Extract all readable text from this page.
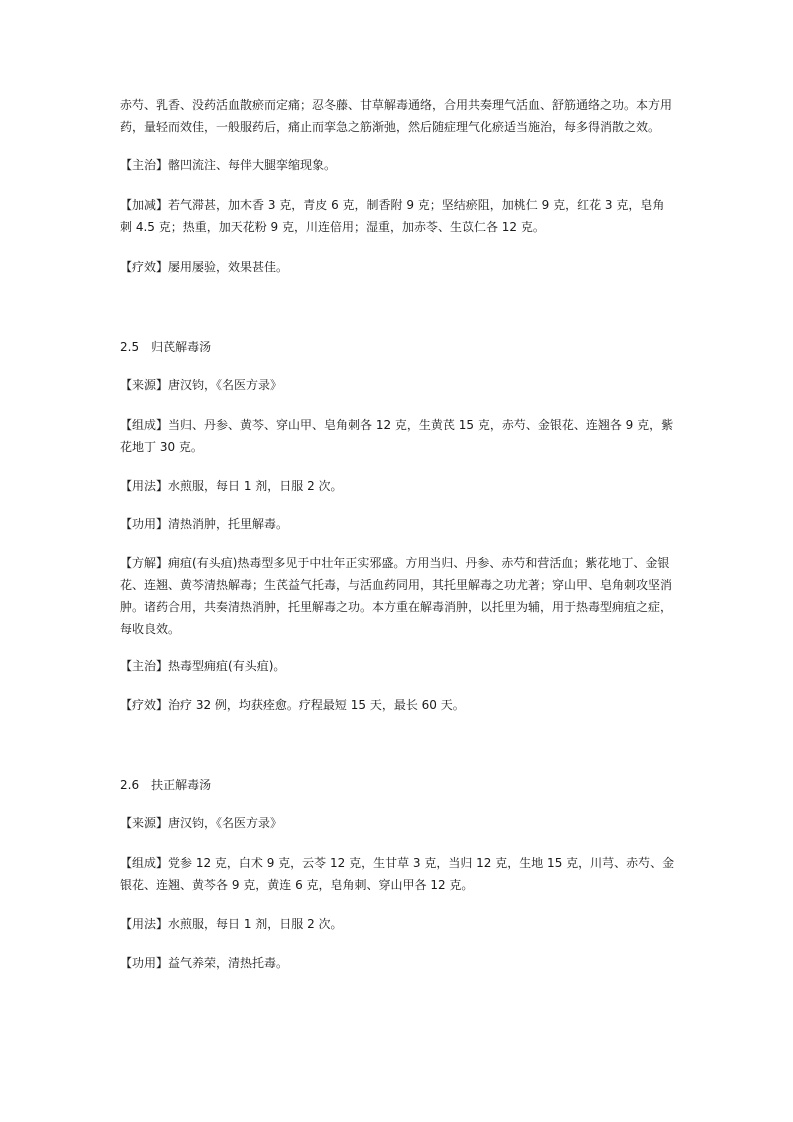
赤芍、乳香、没药活血散瘀而定痛；忍冬藤、甘草解毒通络，合用共奏理气活血、舒筋通络之功。本方用药，量轻而效佳，一般服药后，痛止而挛急之筋渐弛，然后随症理气化瘀适当施治，每多得消散之效。

【主治】髂凹流注、每伴大腿挛缩现象。

【加减】若气滞甚，加木香 3 克，青皮 6 克，制香附 9 克；坚结瘀阻，加桃仁 9 克，红花 3 克，皂角刺 4.5 克；热重，加天花粉 9 克，川连倍用；湿重，加赤苓、生苡仁各 12 克。

【疗效】屡用屡验，效果甚佳。

2.5　归芪解毒汤

【来源】唐汉钧，《名医方录》

【组成】当归、丹参、黄芩、穿山甲、皂角刺各 12 克，生黄芪 15 克，赤芍、金银花、连翘各 9 克，紫花地丁 30 克。

【用法】水煎服，每日 1 剂，日服 2 次。

【功用】清热消肿，托里解毒。

【方解】痈疽(有头疽)热毒型多见于中壮年正实邪盛。方用当归、丹参、赤芍和营活血；紫花地丁、金银花、连翘、黄芩清热解毒；生芪益气托毒，与活血药同用，其托里解毒之功尤著；穿山甲、皂角刺攻坚消肿。诸药合用，共奏清热消肿，托里解毒之功。本方重在解毒消肿，以托里为辅，用于热毒型痈疽之症，每收良效。

【主治】热毒型痈疽(有头疽)。

【疗效】治疗 32 例，均获痊愈。疗程最短 15 天，最长 60 天。

2.6　扶正解毒汤

【来源】唐汉钧，《名医方录》

【组成】党参 12 克，白术 9 克，云苓 12 克，生甘草 3 克，当归 12 克，生地 15 克，川芎、赤芍、金银花、连翘、黄芩各 9 克，黄连 6 克，皂角刺、穿山甲各 12 克。

【用法】水煎服，每日 1 剂，日服 2 次。

【功用】益气养荣，清热托毒。
